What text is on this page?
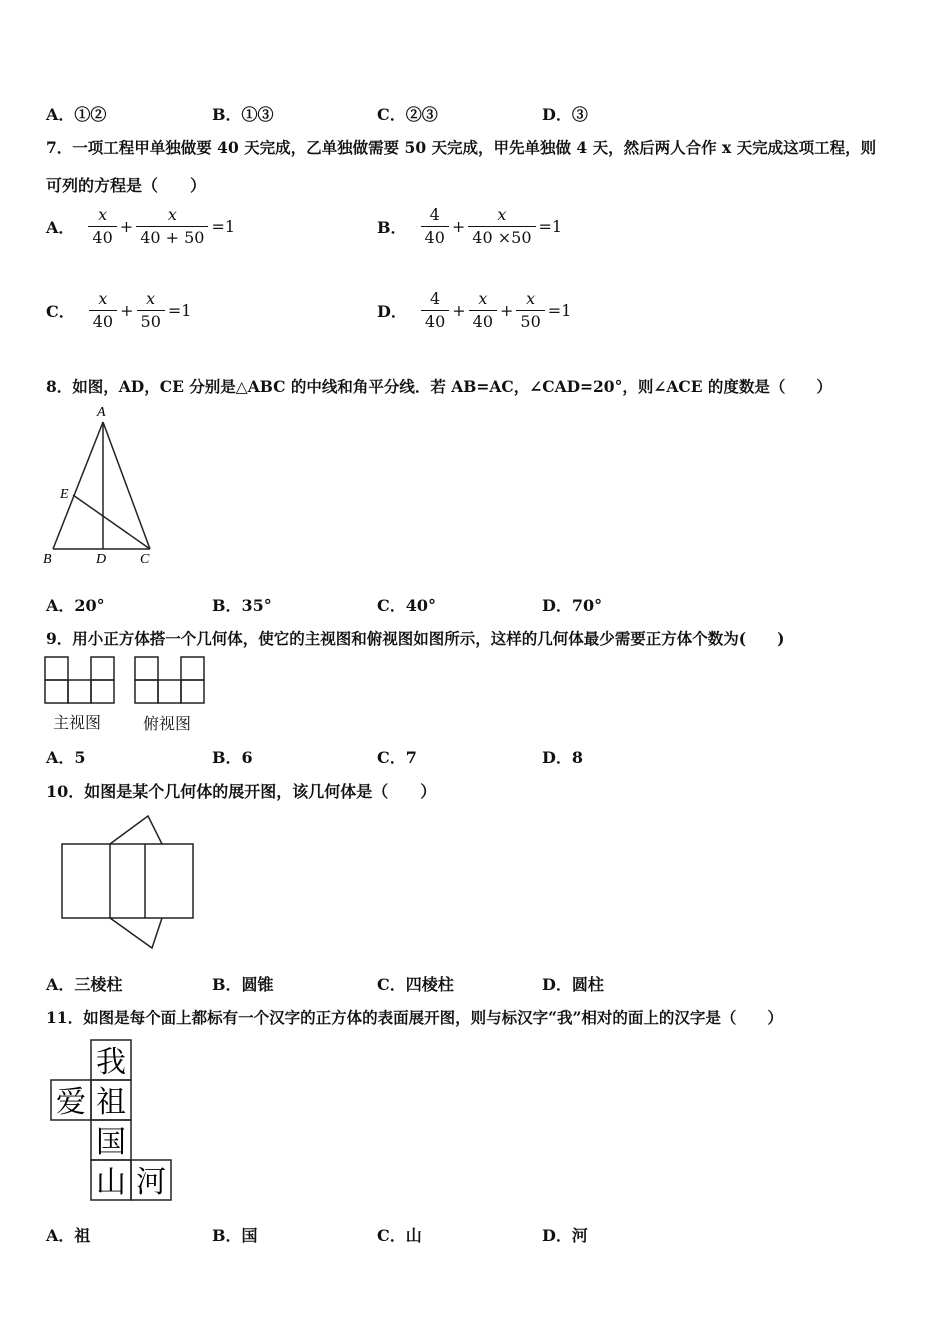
A．①②	B．①③	C．②③	D．③
7．一项工程甲单独做要 40 天完成，乙单独做需要 50 天完成，甲先单独做 4 天，然后两人合作 x 天完成这项工程，则
可列的方程是（　　）
A． $\frac{x}{40} + \frac{x}{40 + 50} =1$	B． $\frac{4}{40} + \frac{x}{40 \times 50} =1$
C． $\frac{x}{40} + \frac{x}{50} =1$	D． $\frac{4}{40} + \frac{x}{40} + \frac{x}{50} =1$
8．如图，AD，CE 分别是△ABC 的中线和角平分线．若 AB=AC，∠CAD=20°，则∠ACE 的度数是（　　）
A
B	D C
E
A．20°	B．35°	C．40°	D．70°
9．用小正方体搭一个几何体，使它的主视图和俯视图如图所示，这样的几何体最少需要正方体个数为(　　)
主视图	俯视图
A．5	B．6	C．7	D．8
10．如图是某个几何体的展开图，该几何体是（　　）
A．三棱柱	B．圆锥	C．四棱柱	D．圆柱
11．如图是每个面上都标有一个汉字的正方体的表面展开图，则与标汉字“我”相对的面上的汉字是（　　）
我
爱 祖
国
山 河
A．祖	B．国	C．山	D．河
